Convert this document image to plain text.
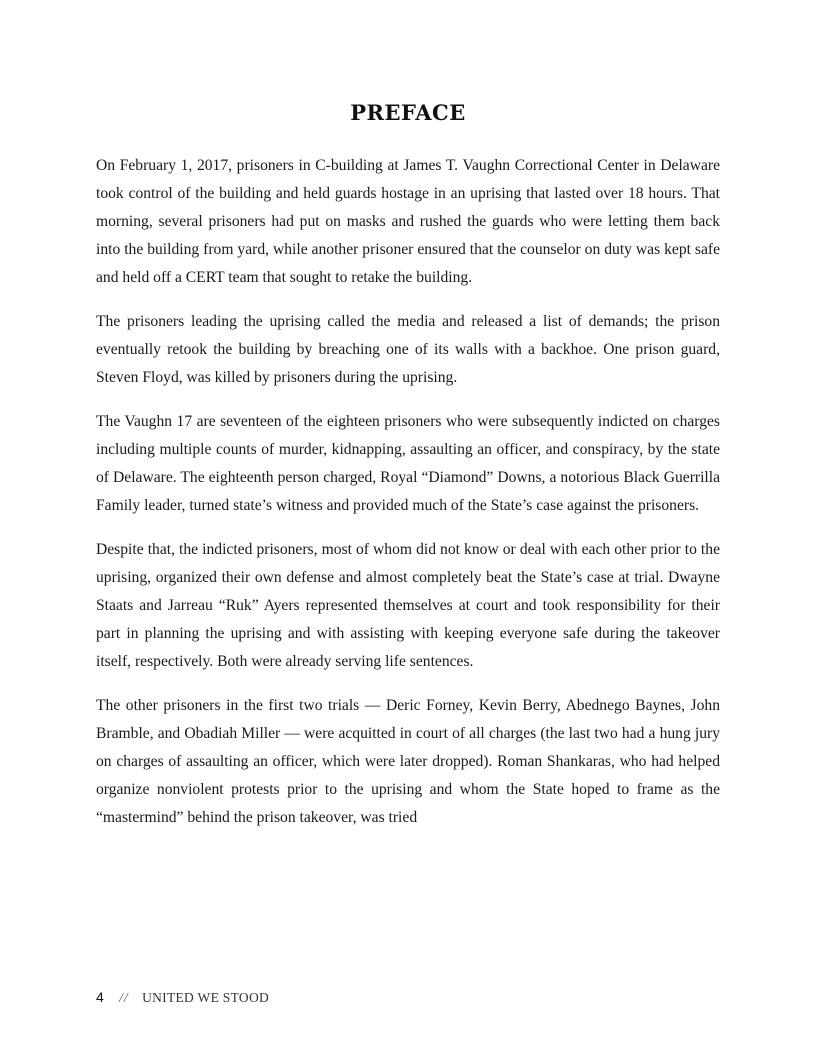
PREFACE

On February 1, 2017, prisoners in C-building at James T. Vaughn Correctional Center in Delaware took control of the building and held guards hostage in an uprising that lasted over 18 hours. That morning, several prisoners had put on masks and rushed the guards who were letting them back into the building from yard, while another prisoner ensured that the counselor on duty was kept safe and held off a CERT team that sought to retake the building.

The prisoners leading the uprising called the media and released a list of demands; the prison eventually retook the building by breaching one of its walls with a backhoe. One prison guard, Steven Floyd, was killed by prisoners during the uprising.

The Vaughn 17 are seventeen of the eighteen prisoners who were subsequently indicted on charges including multiple counts of murder, kidnapping, assaulting an officer, and conspiracy, by the state of Delaware. The eighteenth person charged, Royal “Diamond” Downs, a notorious Black Guerrilla Family leader, turned state’s witness and provided much of the State’s case against the prisoners.

Despite that, the indicted prisoners, most of whom did not know or deal with each other prior to the uprising, organized their own defense and almost completely beat the State’s case at trial. Dwayne Staats and Jarreau “Ruk” Ayers represented themselves at court and took responsibility for their part in planning the uprising and with assisting with keeping everyone safe during the takeover itself, respectively. Both were already serving life sentences.

The other prisoners in the first two trials — Deric Forney, Kevin Berry, Abednego Baynes, John Bramble, and Obadiah Miller — were acquitted in court of all charges (the last two had a hung jury on charges of assaulting an officer, which were later dropped). Roman Shankaras, who had helped organize nonviolent protests prior to the uprising and whom the State hoped to frame as the “mastermind” behind the prison takeover, was tried

4 // UNITED WE STOOD
